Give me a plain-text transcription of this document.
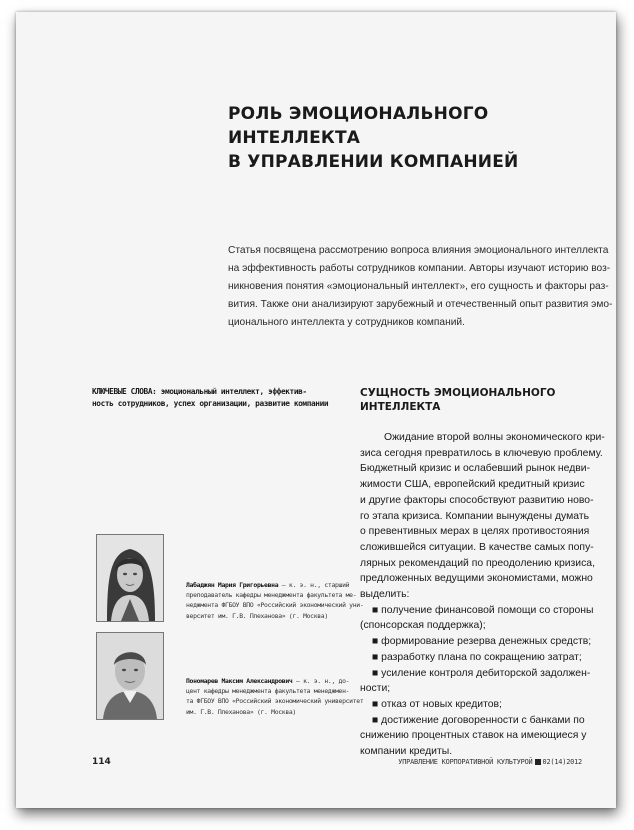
РОЛЬ ЭМОЦИОНАЛЬНОГО ИНТЕЛЛЕКТА
В УПРАВЛЕНИИ КОМПАНИЕЙ
Статья посвящена рассмотрению вопроса влияния эмоционального интеллекта
на эффективность работы сотрудников компании. Авторы изучают историю воз-
никновения понятия «эмоциональный интеллект», его сущность и факторы раз-
вития. Также они анализируют зарубежный и отечественный опыт развития эмо-
ционального интеллекта у сотрудников компаний.
КЛЮЧЕВЫЕ СЛОВА: эмоциональный интеллект, эффектив-
ность сотрудников, успех организации, развитие компании
СУЩНОСТЬ ЭМОЦИОНАЛЬНОГО
ИНТЕЛЛЕКТА
Ожидание второй волны экономического кри-
зиса сегодня превратилось в ключевую проблему.
Бюджетный кризис и ослабевший рынок недви-
жимости США, европейский кредитный кризис
и другие факторы способствуют развитию ново-
го этапа кризиса. Компании вынуждены думать
о превентивных мерах в целях противостояния
сложившейся ситуации. В качестве самых попу-
лярных рекомендаций по преодолению кризиса,
предложенных ведущими экономистами, можно
выделить:
■ получение финансовой помощи со стороны
(спонсорская поддержка);
■ формирование резерва денежных средств;
■ разработку плана по сокращению затрат;
■ усиление контроля дебиторской задолжен-
ности;
■ отказ от новых кредитов;
■ достижение договоренности с банками по
снижению процентных ставок на имеющиеся у
компании кредиты.
Лабаджян Мария Григорьевна — к. э. н., старший
преподаватель кафедры менеджмента факультета ме-
неджмента ФГБОУ ВПО «Российский экономический уни-
верситет им. Г.В. Плеханова» (г. Москва)
Пономарев Максим Александрович — к. э. н., до-
цент кафедры менеджмента факультета менеджмен-
та ФГБОУ ВПО «Российский экономический университет
им. Г.В. Плеханова» (г. Москва)
114	УПРАВЛЕНИЕ КОРПОРАТИВНОЙ КУЛЬТУРОЙ 02(14)2012
